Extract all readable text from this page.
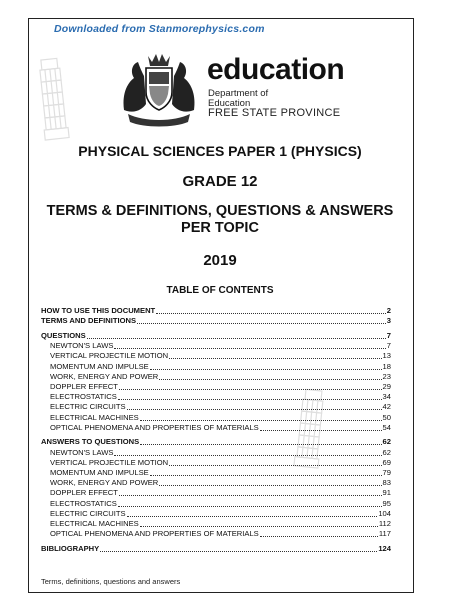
Downloaded from Stanmorephysics.com
education
Department of
Education
FREE STATE PROVINCE
PHYSICAL SCIENCES PAPER 1 (PHYSICS)
GRADE 12
TERMS & DEFINITIONS, QUESTIONS & ANSWERS
PER TOPIC
2019
TABLE OF CONTENTS
HOW TO USE THIS DOCUMENT	2
TERMS AND DEFINITIONS	3
QUESTIONS	7
NEWTON'S LAWS	7
VERTICAL PROJECTILE MOTION	13
MOMENTUM AND IMPULSE	18
WORK, ENERGY AND POWER	23
DOPPLER EFFECT	29
ELECTROSTATICS	34
ELECTRIC CIRCUITS	42
ELECTRICAL MACHINES	50
OPTICAL PHENOMENA AND PROPERTIES OF MATERIALS	54
ANSWERS TO QUESTIONS	62
NEWTON'S LAWS	62
VERTICAL PROJECTILE MOTION	69
MOMENTUM AND IMPULSE	79
WORK, ENERGY AND POWER	83
DOPPLER EFFECT	91
ELECTROSTATICS	95
ELECTRIC CIRCUITS	104
ELECTRICAL MACHINES	112
OPTICAL PHENOMENA AND PROPERTIES OF MATERIALS	117
BIBLIOGRAPHY	124
Terms, definitions, questions and answers
